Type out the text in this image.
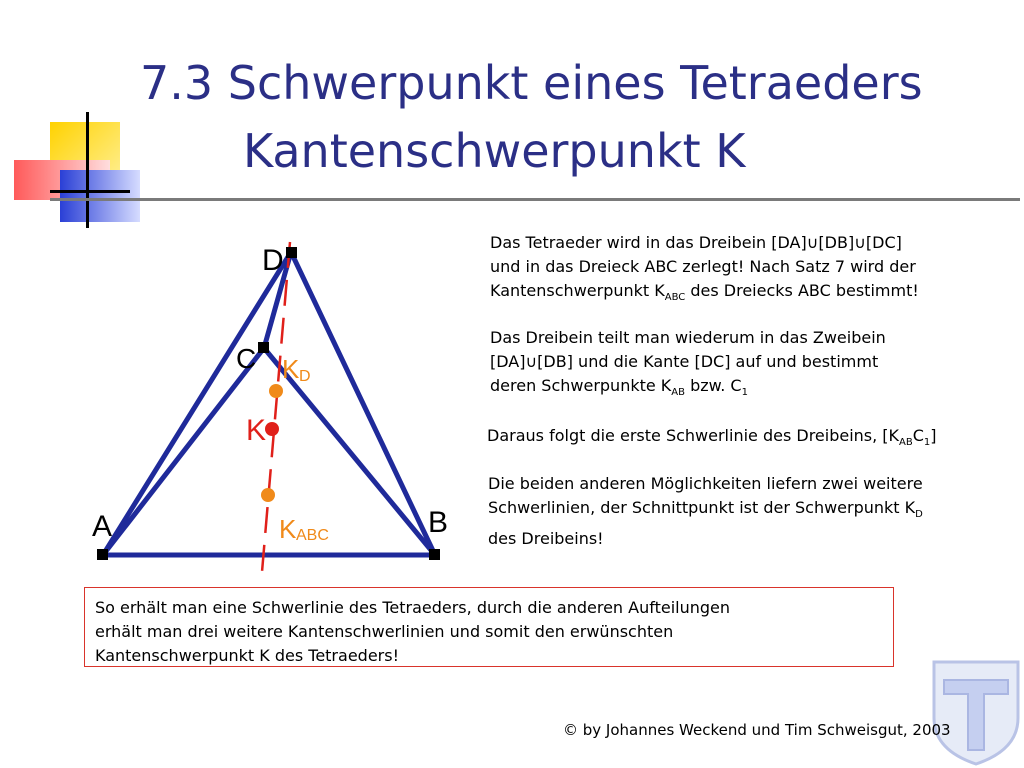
7.3 Schwerpunkt eines Tetraeders
Kantenschwerpunkt K
D
C
A	B
K
K D
K ABC
Das Tetraeder wird in das Dreibein [DA]∪[DB]∪[DC]
und in das Dreieck ABC zerlegt! Nach Satz 7 wird der
Kantenschwerpunkt $K_{ABC}$ des Dreiecks ABC bestimmt!
Das Dreibein teilt man wiederum in das Zweibein
[DA]∪[DB] und die Kante [DC] auf und bestimmt
deren Schwerpunkte $K_{AB}$ bzw. $C_1$
Daraus folgt die erste Schwerlinie des Dreibeins, $[K_{AB}C_1]$
Die beiden anderen Möglichkeiten liefern zwei weitere
Schwerlinien, der Schnittpunkt ist der Schwerpunkt $K_D$
des Dreibeins!
So erhält man eine Schwerlinie des Tetraeders, durch die anderen Aufteilungen
erhält man drei weitere Kantenschwerlinien und somit den erwünschten
Kantenschwerpunkt K des Tetraeders!
© by Johannes Weckend und Tim Schweisgut, 2003
